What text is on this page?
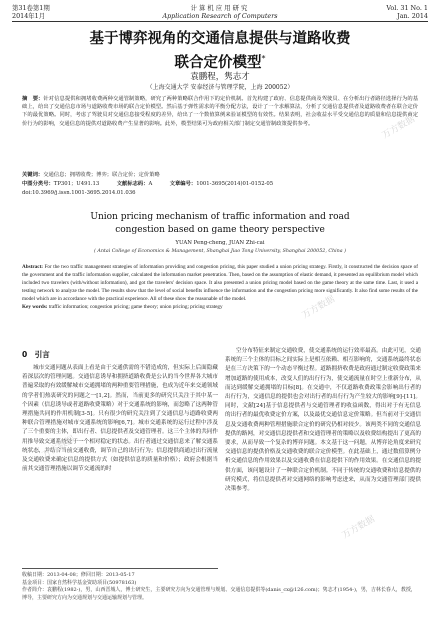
第31卷第1期
2014年1月
计算机应用研究
Application Research of Computers
Vol. 31 No. 1
Jan. 2014
基于博弈视角的交通信息提供与道路收费
联合定价模型*
袁鹏程，隽志才
（上海交通大学 安泰经济与管理学院，上海 200052）
摘　要：针对信息提供和拥堵收费两种交通管制策略，研究了两种策略联合作用下的定价机制。首先构建了政府、信息提供商及驾驶员、在分析出行者路径选择行为的基础上，给出了交通信息市场与道路收费市场的联合定价模型。然后基于弹性需求的平衡分配方法，设计了一个求解算法，分析了交通信息提供者及道路收费者在联合定价下的最优策略。同时，考虑了驾驶员对交通信息接受程度的差异，给出了一个数值算例来验证模型的有效性。结果表明，社会收益水平受交通信息的质量和信息提供商定价行为的影响，交通信息的提供对道路收费产生显著的影响。此外，模型结果可为政府相关部门制定交通管制政策提供参考。
关键词：交通信息；拥堵收费；博弈；联合定价；定价策略
中图分类号：TP301；U491.13	文献标志码：A	文章编号：1001-3695(2014)01-0152-05
doi:10.3969/j.issn.1001-3695.2014.01.036
Union pricing mechanism of traffic information and road
congestion based on game theory perspective
YUAN Peng-cheng, JUAN Zhi-cai
( Antai College of Economics & Management, Shanghai Jiao Tong University, Shanghai 200052, China )
Abstract: For the two traffic management strategies of information providing and congestion pricing, this paper studied a union pricing strategy. Firstly, it constructed the decision space of the government and the traffic information supplier, calculated the information market penetration. Then, based on the assumption of elastic demand, it presented an equilibrium model which included two travelers (with/without information), and got the travelers' decision space. It also presented a union pricing model based on the game theory at the same time. Last, it used a testing network to analyze the model. The results show that the level of social benefits influence the information and the congestion pricing more significantly. It also find some results of the model which are in accordance with the practical experience. All of these show the reasonable of the model.
Key words: traffic information; congestion pricing; game theory; union pricing; pricing strategy
0　引言
城市交通问题从表面上看是由于交通供需的不错造成的，但实际上后面隐藏着深层次的管理问题。交通信息诱导和拥挤道路收费是公认的当今世界各大城市普遍采取的有效缓解城市交通拥堵的两种重要管理措施，也成为近年来交通领域的学者们热衷研究的问题之一[1,2]。然而，当前更多的研究只关注于其中某一个因素（信息诱导或者道路收费策略）对于交通系统的影响，而忽略了这两种管理措施共同的作用机制[3-5]。只有很少的研究关注到了交通信息与道路收费两种联合管理措施对城市交通系统的影响[6,7]。城市交通系统的运行过程中涉及了三个重要的主体，即出行者、信息提供者及交通管理者。这三个主体的共同作用推导致交通系统处于一个相对稳定的状态。出行者通过交通信息来了解交通系统状态，并结合当前交通收费，调节自己的出行行为；信息提供商通过出行流量及交通收费来确定信息的提供方式（如提供信息的质量和价格）；政府会根据当前其交通管理措施以调节交通流的时
空分布特征来制定交通收费，使交通系统的运行效率最高。由此可见，交通系统的三个主体的目标之间实际上是相互依赖、相互影响的，交通系统最终状态是在三方决策下的一个动态平衡过程。道路拥挤收费是政府通过制定收费政策来增加道路的使用成本，改变人们的出行行为，使交通流量在时空上重新分布，从而达到缓解交通拥堵的目标[8]。在交通中，不仅道路收费政策会影响出行者的出行行为，交通信息的提供也会对出行者的出行行为产生较大的影响[9]-[11]。同时，文献[24]基于信息提供者与交通管理者的收益函数，得出对于有无信息的出行者的最优收费定价方案，以及最优交通信息定价策略。但当前对于交通信息及交通收费两种管理措施联合定价的研究仍相对较少。该两类不同的交通信息提供的路网，对交通信息提供者和交通管理者的策略以及收费结构提出了更高的要求，从而导致一个复杂的博弈问题。本文基于这一问题，从博弈论角度来研究交通信息的提供价格及交通收费的联合定价模型。在此基础上，通过数值算例分析交通信息的作用效果以及交通收费在信息提供下的作用效果。在交通信息的提供方面，该问题设计了一种联合定价机制。不同于传统的交通收费和信息提供的研究模式，将信息提供者对交通网络的影响考虑进来，从而为交通管理部门提供决策参考。
收稿日期：2013-04-08；修回日期：2013-05-17
基金项目：国家自然科学基金资助项目(50978163)
作者简介：袁鹏程(1982-)，男，山西晋城人，博士研究生，主要研究方向为交通管理与规划、交通信息提供等(danis_cx@126.com)；隽志才(1954-)，男，吉林长春人，教授，博导，主要研究方向为交通规划与交通运输规划与管理。
万方数据
万方数据
万方数据
万方数据
